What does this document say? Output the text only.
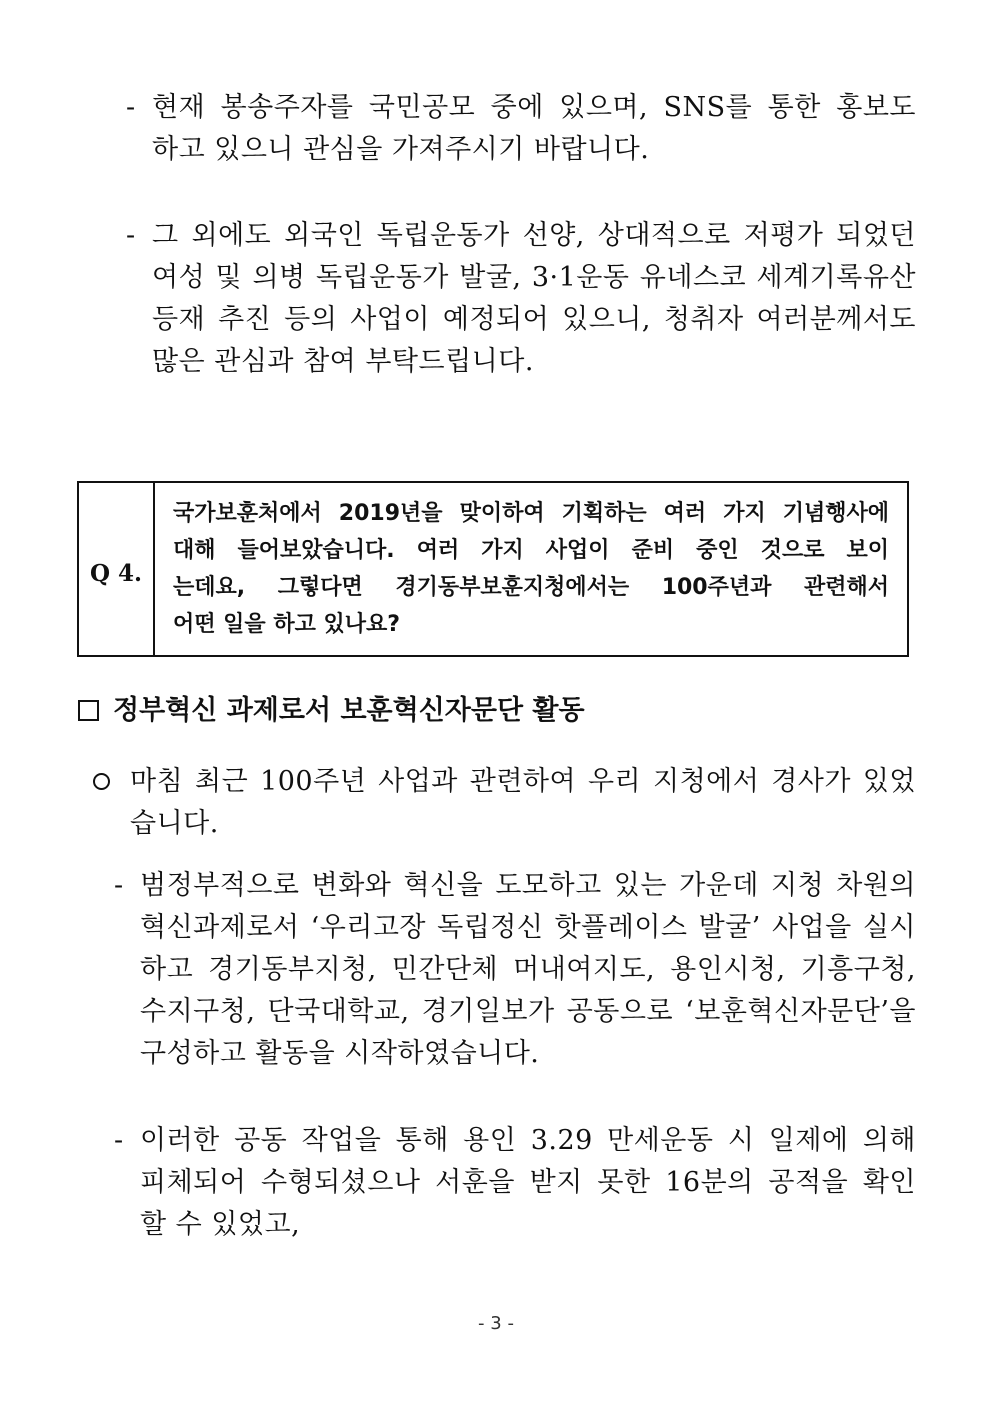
- 현재 봉송주자를 국민공모 중에 있으며, SNS를 통한 홍보도
하고 있으니 관심을 가져주시기 바랍니다.
- 그 외에도 외국인 독립운동가 선양, 상대적으로 저평가 되었던
여성 및 의병 독립운동가 발굴, 3·1운동 유네스코 세계기록유산
등재 추진 등의 사업이 예정되어 있으니, 청취자 여러분께서도
많은 관심과 참여 부탁드립니다.
Q 4.
국가보훈처에서 2019년을 맞이하여 기획하는 여러 가지 기념행사에
대해 들어보았습니다. 여러 가지 사업이 준비 중인 것으로 보이
는데요, 그렇다면 경기동부보훈지청에서는 100주년과 관련해서
어떤 일을 하고 있나요?
정부혁신 과제로서 보훈혁신자문단 활동
마침 최근 100주년 사업과 관련하여 우리 지청에서 경사가 있었
습니다.
- 범정부적으로 변화와 혁신을 도모하고 있는 가운데 지청 차원의
혁신과제로서 ‘우리고장 독립정신 핫플레이스 발굴’ 사업을 실시
하고 경기동부지청, 민간단체 머내여지도, 용인시청, 기흥구청,
수지구청, 단국대학교, 경기일보가 공동으로 ‘보훈혁신자문단’을
구성하고 활동을 시작하였습니다.
- 이러한 공동 작업을 통해 용인 3.29 만세운동 시 일제에 의해
피체되어 수형되셨으나 서훈을 받지 못한 16분의 공적을 확인
할 수 있었고,
- 3 -
